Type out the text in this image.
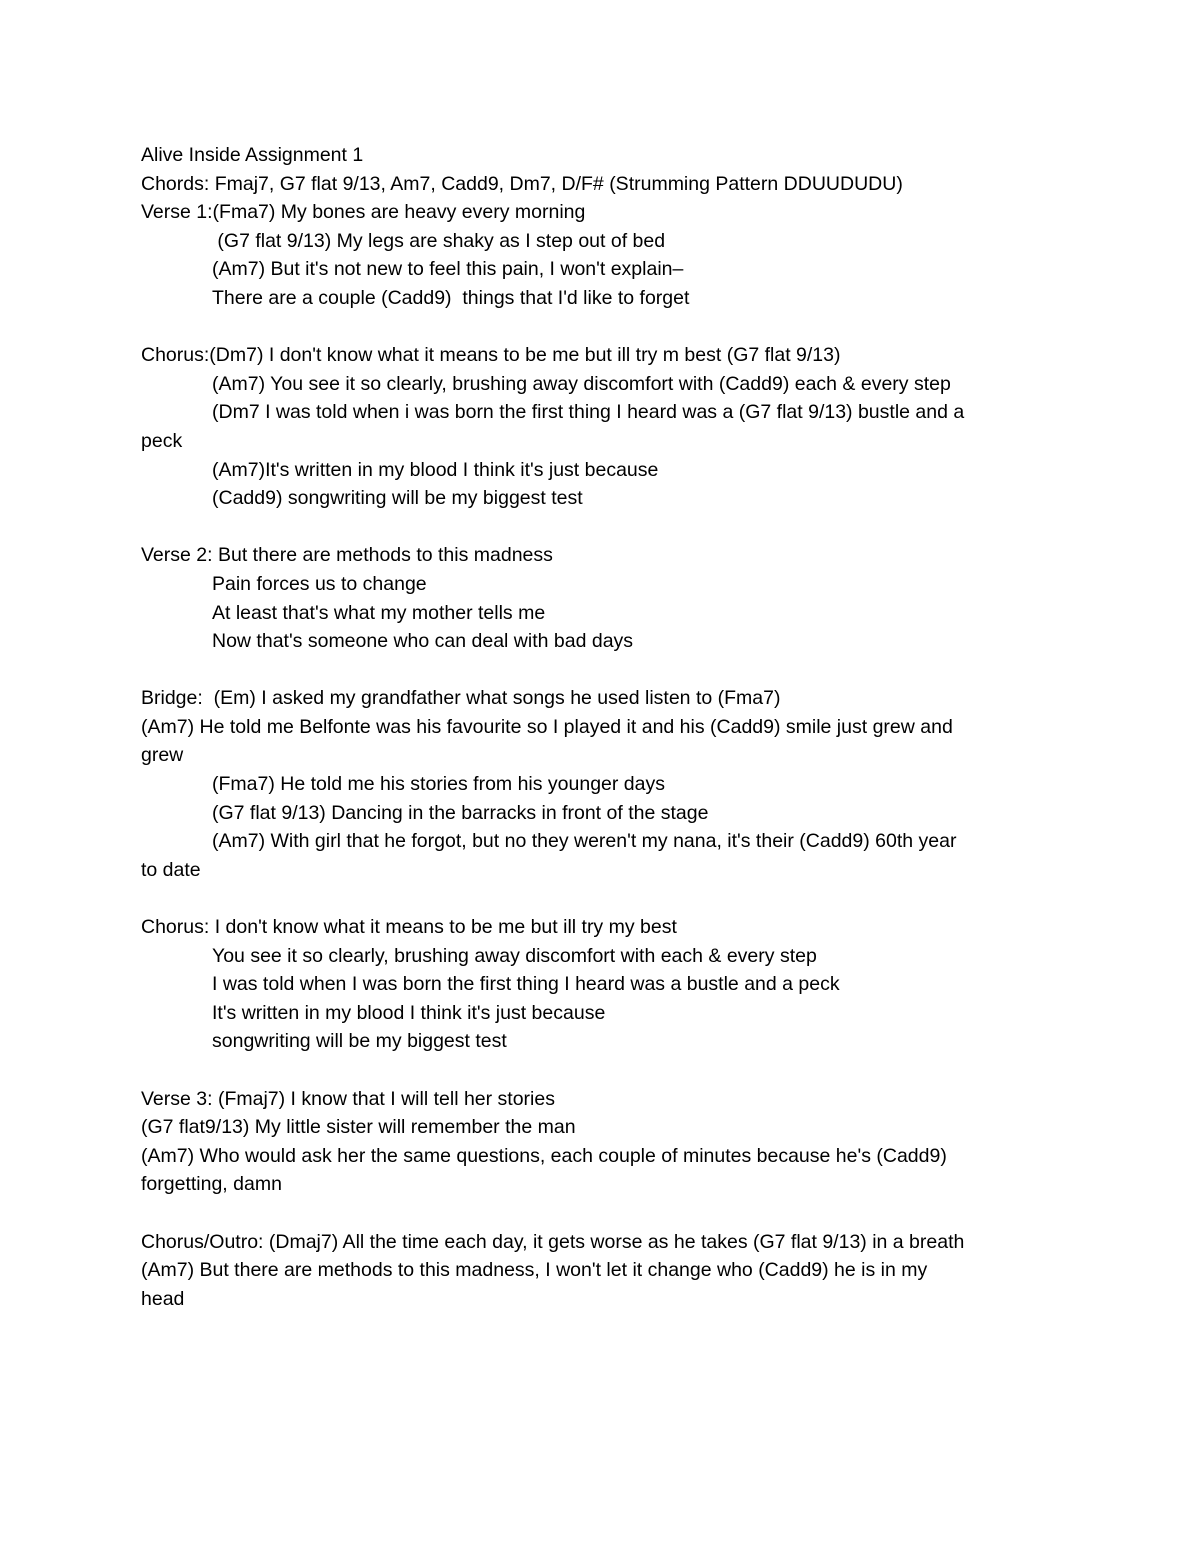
Alive Inside Assignment 1
Chords: Fmaj7, G7 flat 9/13, Am7, Cadd9, Dm7, D/F# (Strumming Pattern DDUUDUDU)
Verse 1:(Fma7) My bones are heavy every morning
(G7 flat 9/13) My legs are shaky as I step out of bed
(Am7) But it's not new to feel this pain, I won't explain–
There are a couple (Cadd9)  things that I'd like to forget
Chorus:(Dm7) I don't know what it means to be me but ill try m best (G7 flat 9/13)
(Am7) You see it so clearly, brushing away discomfort with (Cadd9) each & every step
(Dm7 I was told when i was born the first thing I heard was a (G7 flat 9/13) bustle and a
peck
(Am7)It's written in my blood I think it's just because
(Cadd9) songwriting will be my biggest test
Verse 2: But there are methods to this madness
Pain forces us to change
At least that's what my mother tells me
Now that's someone who can deal with bad days
Bridge:  (Em) I asked my grandfather what songs he used listen to (Fma7)
(Am7) He told me Belfonte was his favourite so I played it and his (Cadd9) smile just grew and
grew
(Fma7) He told me his stories from his younger days
(G7 flat 9/13) Dancing in the barracks in front of the stage
(Am7) With girl that he forgot, but no they weren't my nana, it's their (Cadd9) 60th year
to date
Chorus: I don't know what it means to be me but ill try my best
You see it so clearly, brushing away discomfort with each & every step
I was told when I was born the first thing I heard was a bustle and a peck
It's written in my blood I think it's just because
songwriting will be my biggest test
Verse 3: (Fmaj7) I know that I will tell her stories
(G7 flat9/13) My little sister will remember the man
(Am7) Who would ask her the same questions, each couple of minutes because he's (Cadd9)
forgetting, damn
Chorus/Outro: (Dmaj7) All the time each day, it gets worse as he takes (G7 flat 9/13) in a breath
(Am7) But there are methods to this madness, I won't let it change who (Cadd9) he is in my
head
